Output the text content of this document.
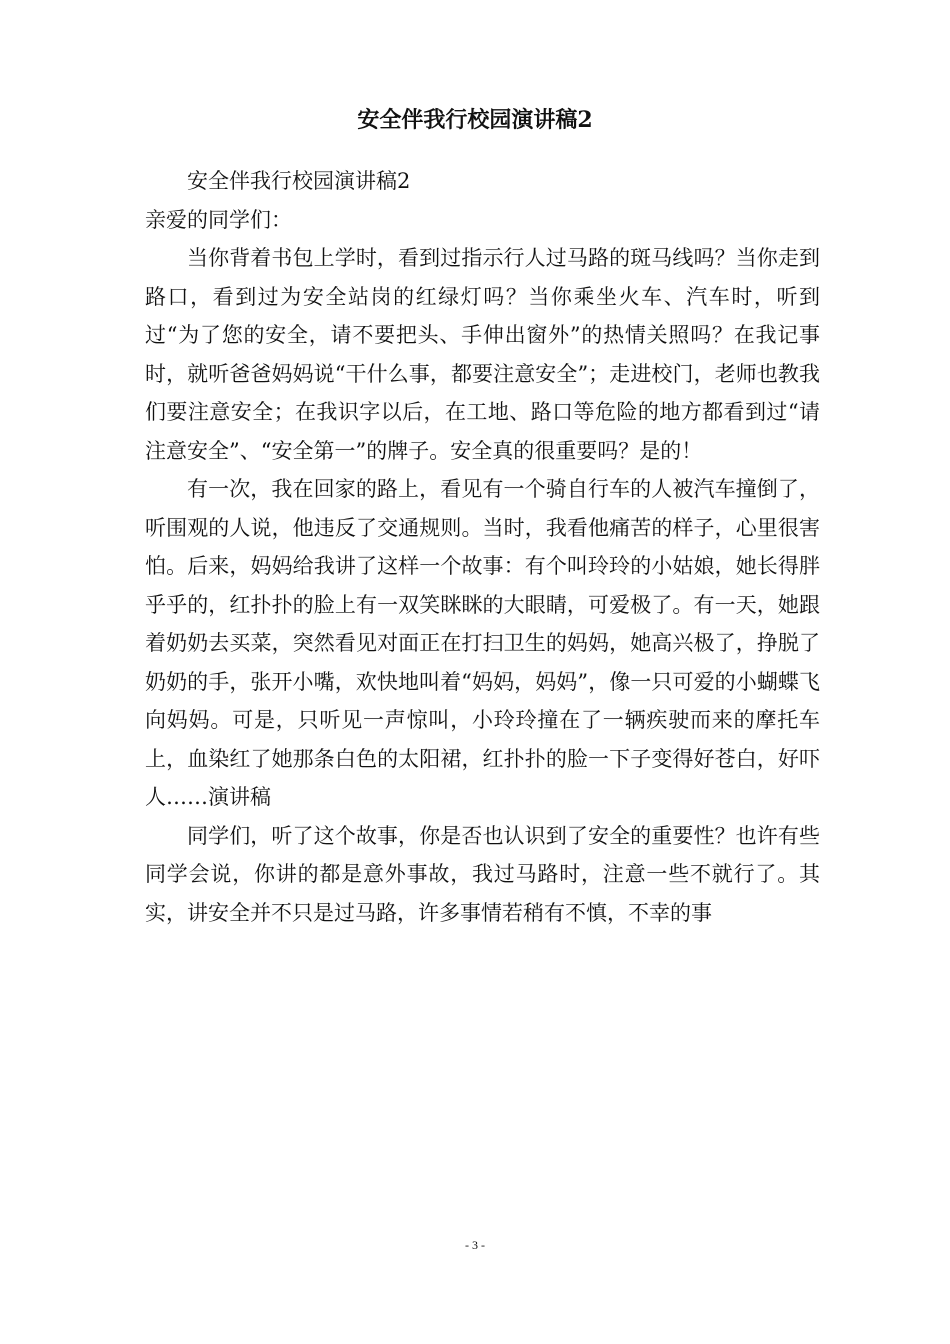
安全伴我行校园演讲稿2

安全伴我行校园演讲稿2

亲爱的同学们：

当你背着书包上学时，看到过指示行人过马路的斑马线吗？当你走到路口，看到过为安全站岗的红绿灯吗？当你乘坐火车、汽车时，听到过“为了您的安全，请不要把头、手伸出窗外”的热情关照吗？在我记事时，就听爸爸妈妈说“干什么事，都要注意安全”；走进校门，老师也教我们要注意安全；在我识字以后，在工地、路口等危险的地方都看到过“请注意安全”、“安全第一”的牌子。安全真的很重要吗？是的！

有一次，我在回家的路上，看见有一个骑自行车的人被汽车撞倒了，听围观的人说，他违反了交通规则。当时，我看他痛苦的样子，心里很害怕。后来，妈妈给我讲了这样一个故事：有个叫玲玲的小姑娘，她长得胖乎乎的，红扑扑的脸上有一双笑眯眯的大眼睛，可爱极了。有一天，她跟着奶奶去买菜，突然看见对面正在打扫卫生的妈妈，她高兴极了，挣脱了奶奶的手，张开小嘴，欢快地叫着“妈妈，妈妈”，像一只可爱的小蝴蝶飞向妈妈。可是，只听见一声惊叫，小玲玲撞在了一辆疾驶而来的摩托车上，血染红了她那条白色的太阳裙，红扑扑的脸一下子变得好苍白，好吓人……演讲稿

同学们，听了这个故事，你是否也认识到了安全的重要性？也许有些同学会说，你讲的都是意外事故，我过马路时，注意一些不就行了。其实，讲安全并不只是过马路，许多事情若稍有不慎，不幸的事

- 3 -
